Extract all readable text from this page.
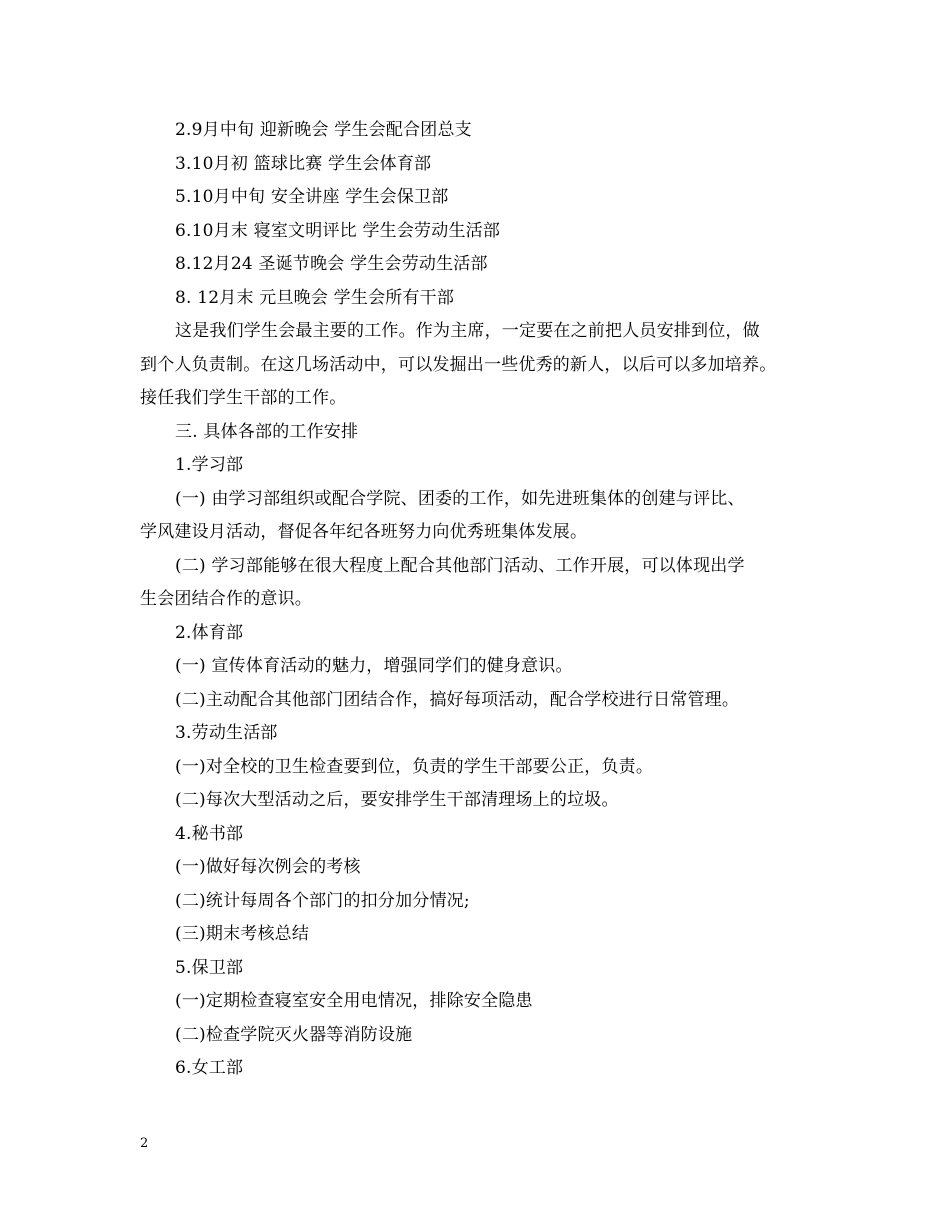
2.9月中旬 迎新晚会 学生会配合团总支
3.10月初 篮球比赛 学生会体育部
5.10月中旬 安全讲座 学生会保卫部
6.10月末 寝室文明评比 学生会劳动生活部
8.12月24 圣诞节晚会 学生会劳动生活部
8. 12月末 元旦晚会 学生会所有干部
这是我们学生会最主要的工作。作为主席，一定要在之前把人员安排到位，做
到个人负责制。在这几场活动中，可以发掘出一些优秀的新人，以后可以多加培养。
接任我们学生干部的工作。
三. 具体各部的工作安排
1.学习部
(一) 由学习部组织或配合学院、团委的工作，如先进班集体的创建与评比、
学风建设月活动，督促各年纪各班努力向优秀班集体发展。
(二) 学习部能够在很大程度上配合其他部门活动、工作开展，可以体现出学
生会团结合作的意识。
2.体育部
(一) 宣传体育活动的魅力，增强同学们的健身意识。
(二)主动配合其他部门团结合作，搞好每项活动，配合学校进行日常管理。
3.劳动生活部
(一)对全校的卫生检查要到位，负责的学生干部要公正，负责。
(二)每次大型活动之后，要安排学生干部清理场上的垃圾。
4.秘书部
(一)做好每次例会的考核
(二)统计每周各个部门的扣分加分情况;
(三)期末考核总结
5.保卫部
(一)定期检查寝室安全用电情况，排除安全隐患
(二)检查学院灭火器等消防设施
6.女工部
2
